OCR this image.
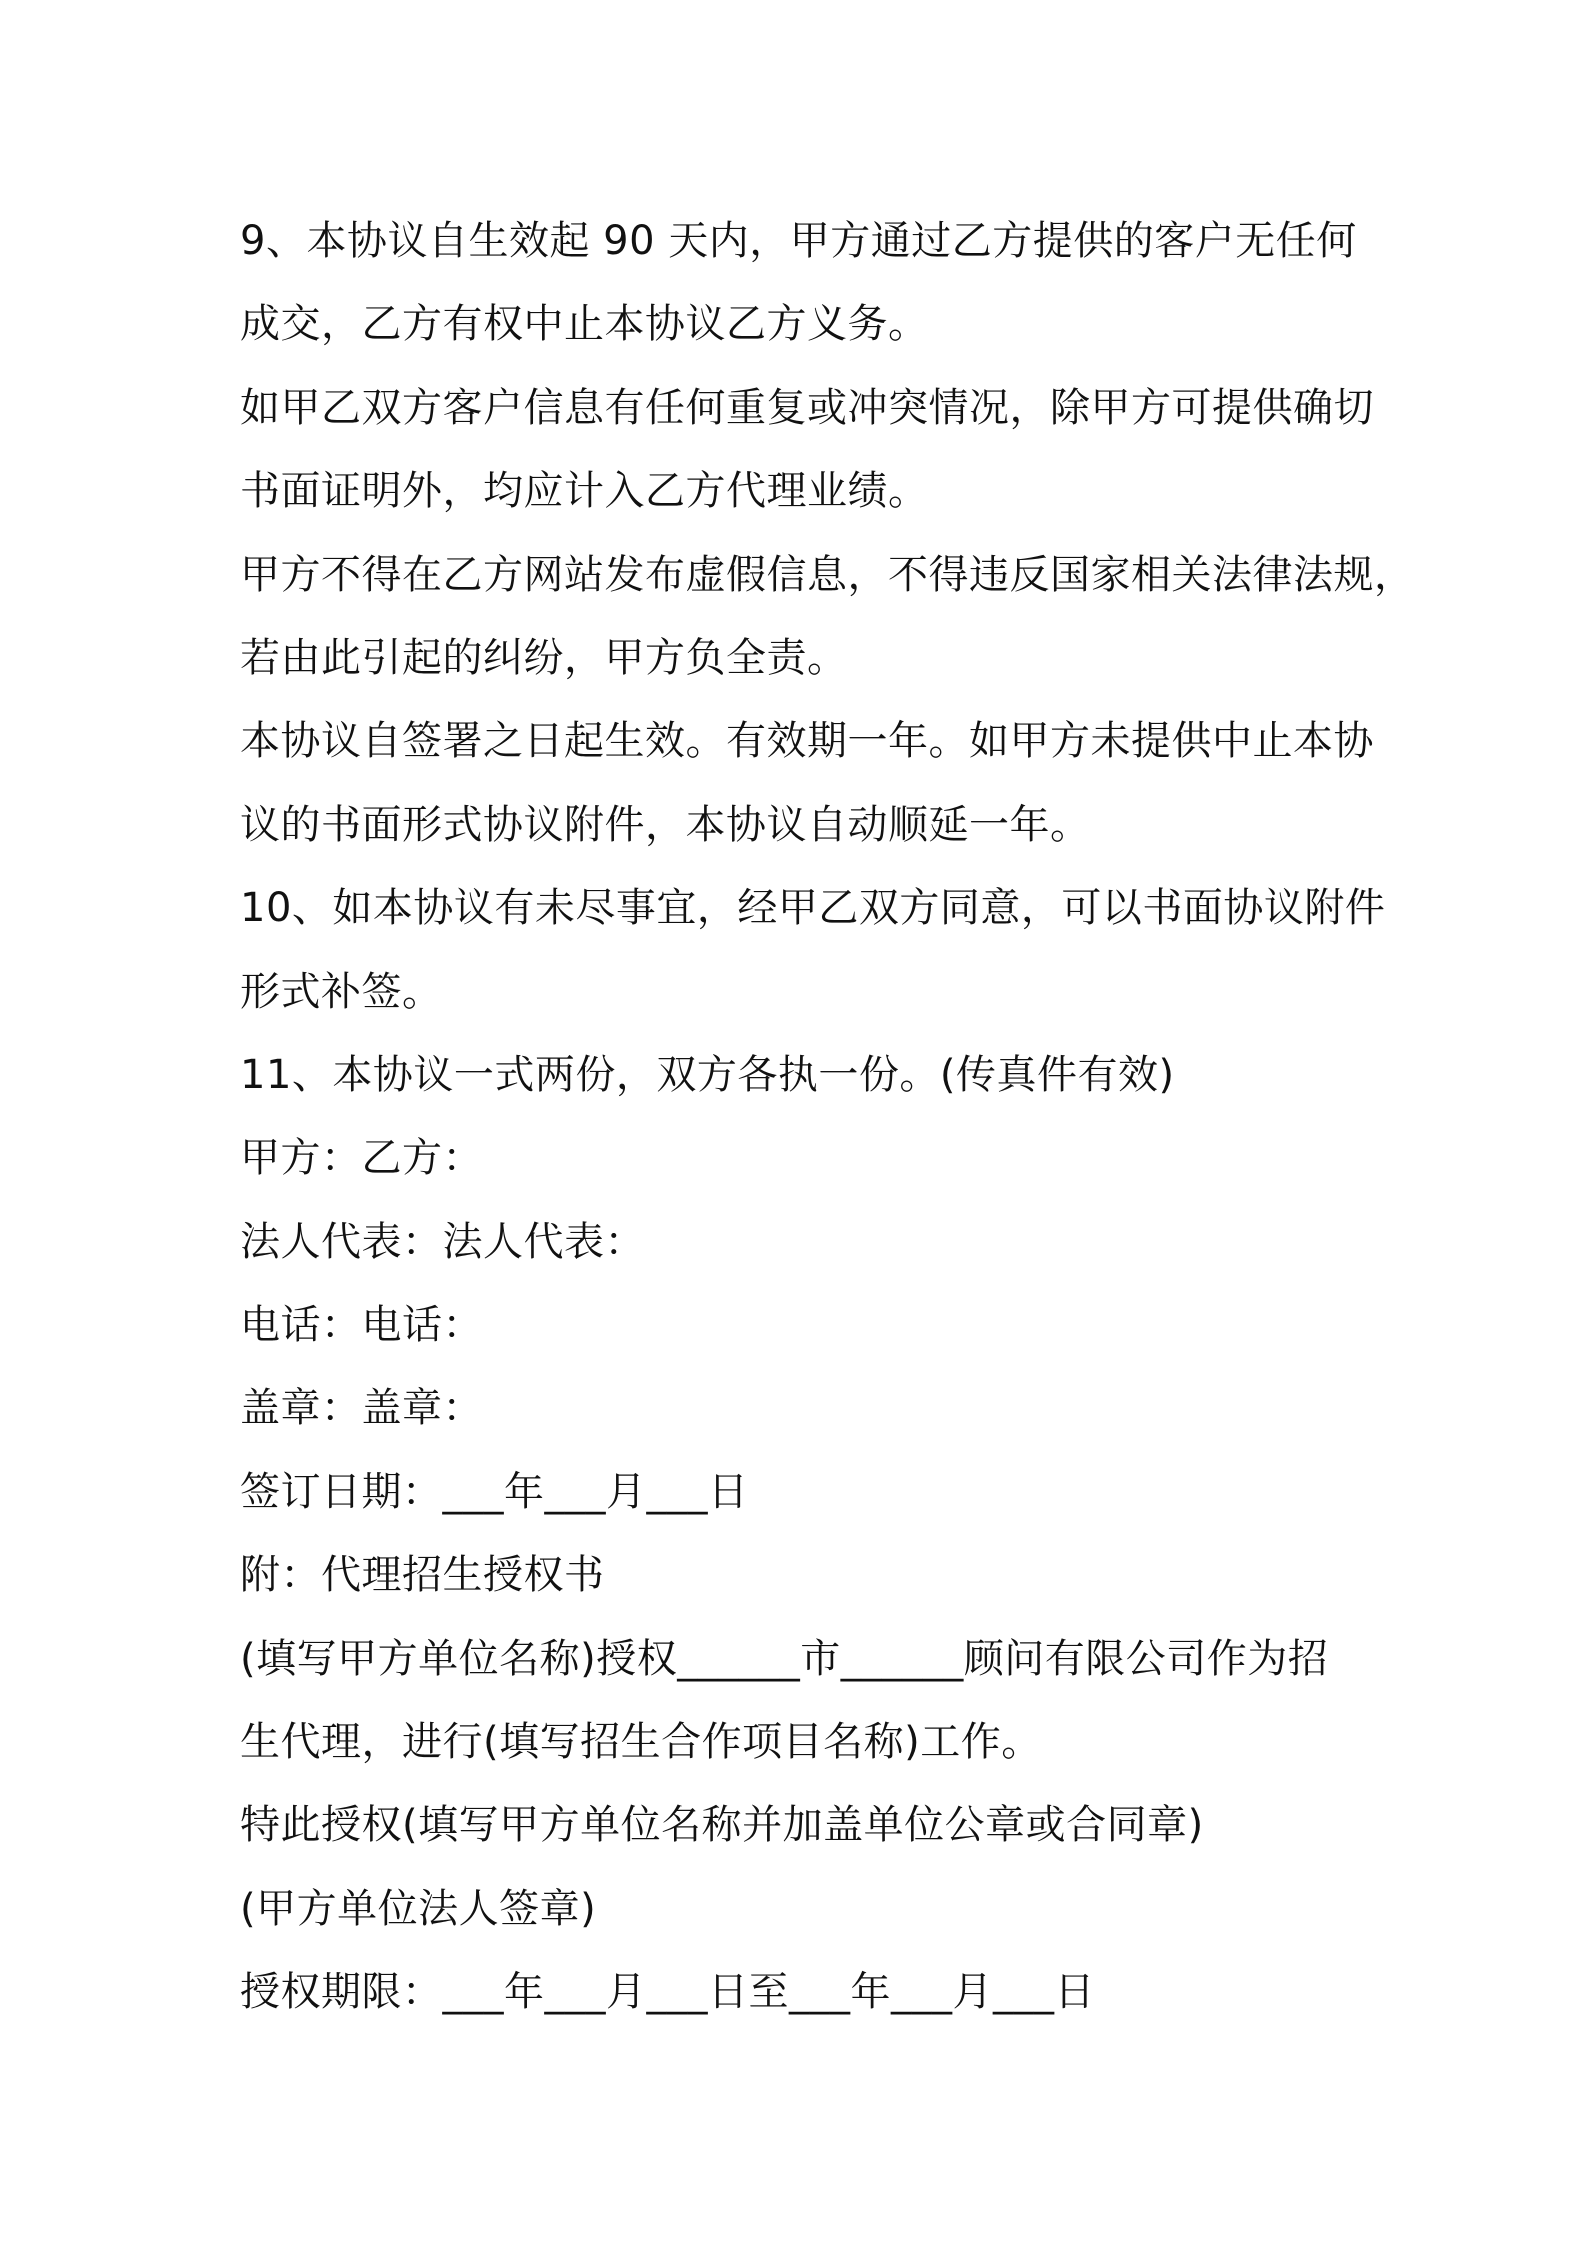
9、本协议自生效起 90 天内，甲方通过乙方提供的客户无任何
成交，乙方有权中止本协议乙方义务。
如甲乙双方客户信息有任何重复或冲突情况，除甲方可提供确切
书面证明外，均应计入乙方代理业绩。
甲方不得在乙方网站发布虚假信息，不得违反国家相关法律法规，
若由此引起的纠纷，甲方负全责。
本协议自签署之日起生效。有效期一年。如甲方未提供中止本协
议的书面形式协议附件，本协议自动顺延一年。
10、如本协议有未尽事宜，经甲乙双方同意，可以书面协议附件
形式补签。
11、本协议一式两份，双方各执一份。(传真件有效)
甲方：乙方：
法人代表：法人代表：
电话：电话：
盖章：盖章：
签订日期：___年___月___日
附：代理招生授权书
(填写甲方单位名称)授权______市______顾问有限公司作为招
生代理，进行(填写招生合作项目名称)工作。
特此授权(填写甲方单位名称并加盖单位公章或合同章)
(甲方单位法人签章)
授权期限：___年___月___日至___年___月___日
